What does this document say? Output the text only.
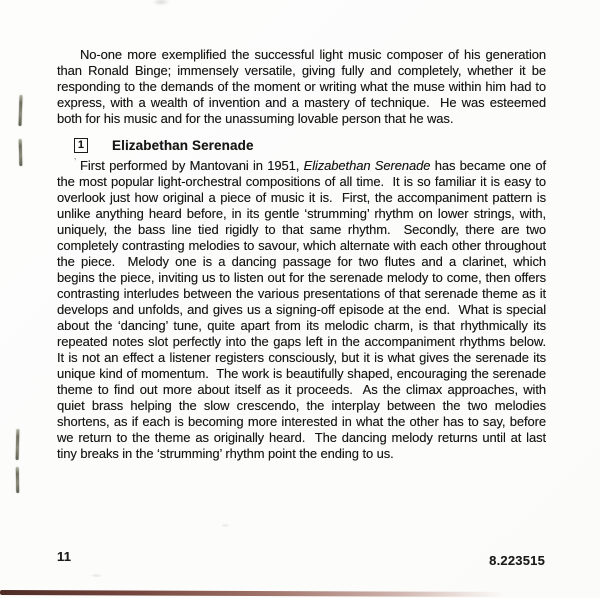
No-one more exemplified the successful light music composer of his generation than Ronald Binge; immensely versatile, giving fully and completely, whether it be responding to the demands of the moment or writing what the muse within him had to express, with a wealth of invention and a mastery of technique.  He was esteemed both for his music and for the unassuming lovable person that he was.

1 Elizabethan Serenade
’ First performed by Mantovani in 1951, Elizabethan Serenade has became one of the most popular light-orchestral compositions of all time.  It is so familiar it is easy to overlook just how original a piece of music it is.  First, the accompaniment pattern is unlike anything heard before, in its gentle ‘strumming’ rhythm on lower strings, with, uniquely, the bass line tied rigidly to that same rhythm.  Secondly, there are two completely contrasting melodies to savour, which alternate with each other throughout the piece.  Melody one is a dancing passage for two flutes and a clarinet, which begins the piece, inviting us to listen out for the serenade melody to come, then offers contrasting interludes between the various presentations of that serenade theme as it develops and unfolds, and gives us a signing-off episode at the end.  What is special about the ‘dancing’ tune, quite apart from its melodic charm, is that rhythmically its repeated notes slot perfectly into the gaps left in the accompaniment rhythms below.  It is not an effect a listener registers consciously, but it is what gives the serenade its unique kind of momentum.  The work is beautifully shaped, encouraging the serenade theme to find out more about itself as it proceeds.  As the climax approaches, with quiet brass helping the slow crescendo, the interplay between the two melodies shortens, as if each is becoming more interested in what the other has to say, before we return to the theme as originally heard.  The dancing melody returns until at last tiny breaks in the ‘strumming’ rhythm point the ending to us.

11	8.223515
